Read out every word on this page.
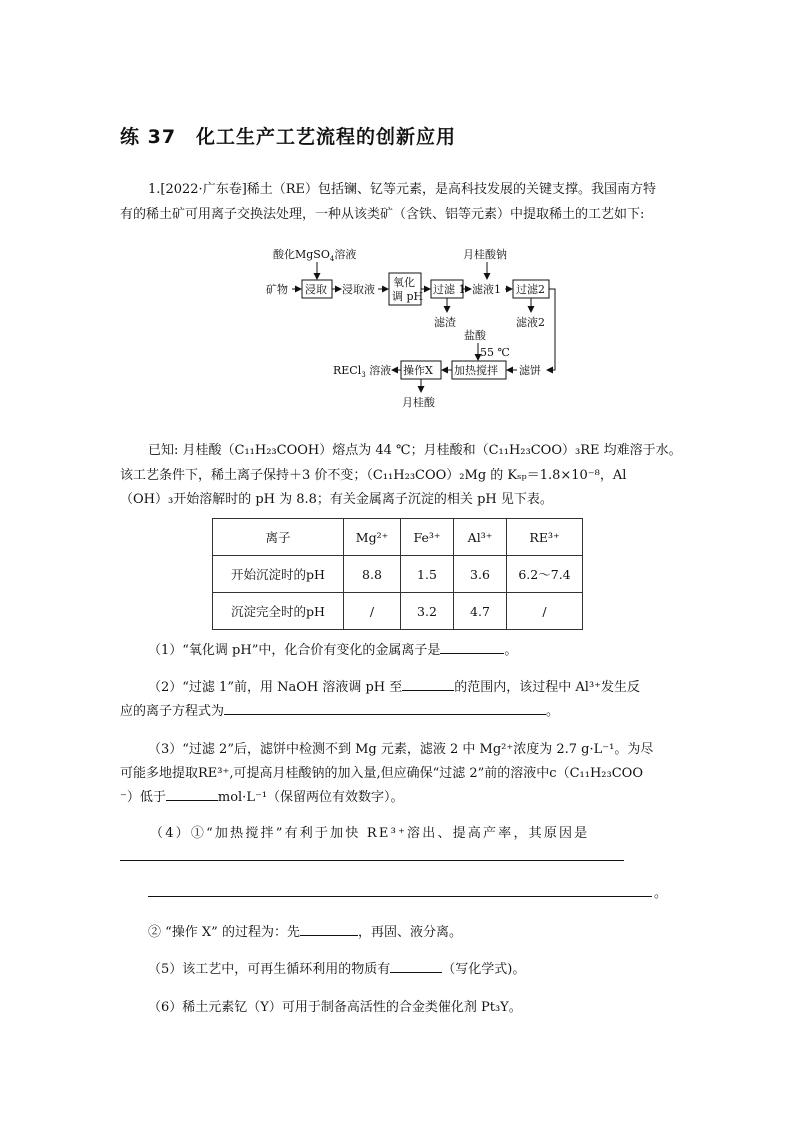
练 37　化工生产工艺流程的创新应用
1.[2022·广东卷]稀土（RE）包括镧、钇等元素，是高科技发展的关键支撑。我国南方特
有的稀土矿可用离子交换法处理，一种从该类矿（含铁、铝等元素）中提取稀土的工艺如下:
酸化MgSO$_4$溶液
矿物 浸取 浸取液
氧化
调 pH
过滤 1 滤液1 过滤2
月桂酸钠
滤渣	滤液2
盐酸
55 ℃
加热搅拌 滤饼
操作X
RECl$_3$ 溶液
月桂酸
已知: 月桂酸（C₁₁H₂₃COOH）熔点为 44 ℃；月桂酸和（C₁₁H₂₃COO）₃RE 均难溶于水。
该工艺条件下，稀土离子保持＋3 价不变；（C₁₁H₂₃COO）₂Mg 的 Kₛₚ＝1.8×10⁻⁸，Al
（OH）₃开始溶解时的 pH 为 8.8；有关金属离子沉淀的相关 pH 见下表。
离子	Mg²⁺	Fe³⁺	Al³⁺	RE³⁺
开始沉淀时的pH	8.8	1.5	3.6	6.2～7.4
沉淀完全时的pH	/	3.2	4.7	/
（1）“氧化调 pH”中，化合价有变化的金属离子是	。
（2）“过滤 1”前，用 NaOH 溶液调 pH 至	的范围内，该过程中 Al³⁺发生反
应的离子方程式为	。
（3）“过滤 2”后，滤饼中检测不到 Mg 元素，滤液 2 中 Mg²⁺浓度为 2.7 g·L⁻¹。为尽
可能多地提取RE³⁺,可提高月桂酸钠的加入量,但应确保“过滤 2”前的溶液中c（C₁₁H₂₃COO
⁻）低于	mol·L⁻¹（保留两位有效数字）。
（4）①“加热搅拌”有利于加快 RE³⁺溶出、提高产率，其原因是
。
② “操作 X” 的过程为：先	，再固、液分离。
（5）该工艺中，可再生循环利用的物质有	（写化学式)。
（6）稀土元素钇（Y）可用于制备高活性的合金类催化剂 Pt₃Y。
